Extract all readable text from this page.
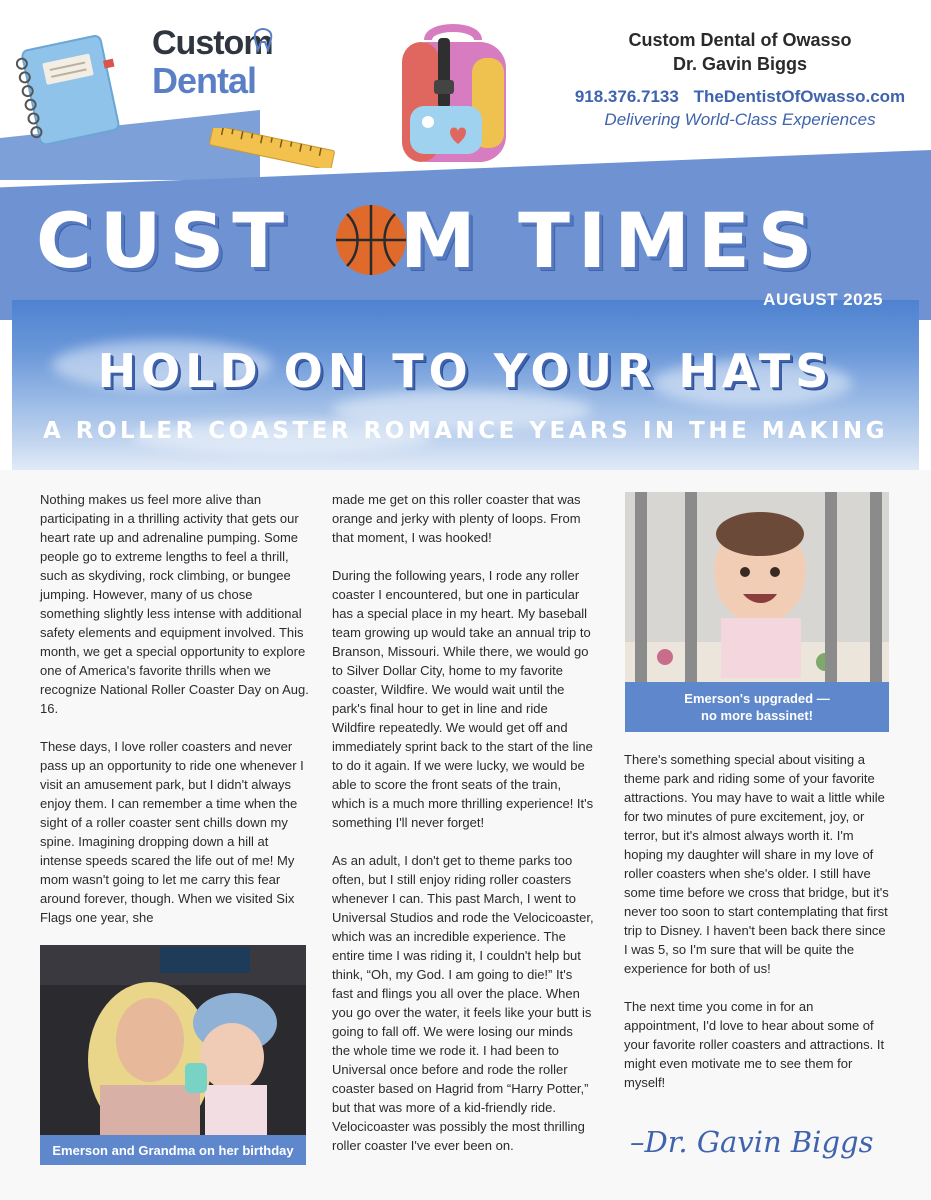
Custom
Dental
Custom Dental of Owasso
Dr. Gavin Biggs
918.376.7133 TheDentistOfOwasso.com
Delivering World-Class Experiences
CUST M TIMES
AUGUST 2025
HOLD ON TO YOUR HATS
A ROLLER COASTER ROMANCE YEARS IN THE MAKING

Nothing makes us feel more alive than participating in a thrilling activity that gets our heart rate up and adrenaline pumping. Some people go to extreme lengths to feel a thrill, such as skydiving, rock climbing, or bungee jumping. However, many of us chose something slightly less intense with additional safety elements and equipment involved. This month, we get a special opportunity to explore one of America's favorite thrills when we recognize National Roller Coaster Day on Aug. 16.

These days, I love roller coasters and never pass up an opportunity to ride one whenever I visit an amusement park, but I didn't always enjoy them. I can remember a time when the sight of a roller coaster sent chills down my spine. Imagining dropping down a hill at intense speeds scared the life out of me! My mom wasn't going to let me carry this fear around forever, though. When we visited Six Flags one year, she

Emerson and Grandma on her birthday

made me get on this roller coaster that was orange and jerky with plenty of loops. From that moment, I was hooked!

During the following years, I rode any roller coaster I encountered, but one in particular has a special place in my heart. My baseball team growing up would take an annual trip to Branson, Missouri. While there, we would go to Silver Dollar City, home to my favorite coaster, Wildfire. We would wait until the park's final hour to get in line and ride Wildfire repeatedly. We would get off and immediately sprint back to the start of the line to do it again. If we were lucky, we would be able to score the front seats of the train, which is a much more thrilling experience! It's something I'll never forget!

As an adult, I don't get to theme parks too often, but I still enjoy riding roller coasters whenever I can. This past March, I went to Universal Studios and rode the Velocicoaster, which was an incredible experience. The entire time I was riding it, I couldn't help but think, “Oh, my God. I am going to die!” It's fast and flings you all over the place. When you go over the water, it feels like your butt is going to fall off. We were losing our minds the whole time we rode it. I had been to Universal once before and rode the roller coaster based on Hagrid from “Harry Potter,” but that was more of a kid-friendly ride. Velocicoaster was possibly the most thrilling roller coaster I've ever been on.

Emerson's upgraded —
no more bassinet!

There's something special about visiting a theme park and riding some of your favorite attractions. You may have to wait a little while for two minutes of pure excitement, joy, or terror, but it's almost always worth it. I'm hoping my daughter will share in my love of roller coasters when she's older. I still have some time before we cross that bridge, but it's never too soon to start contemplating that first trip to Disney. I haven't been back there since I was 5, so I'm sure that will be quite the experience for both of us!

The next time you come in for an appointment, I'd love to hear about some of your favorite roller coasters and attractions. It might even motivate me to see them for myself!

–Dr. Gavin Biggs
